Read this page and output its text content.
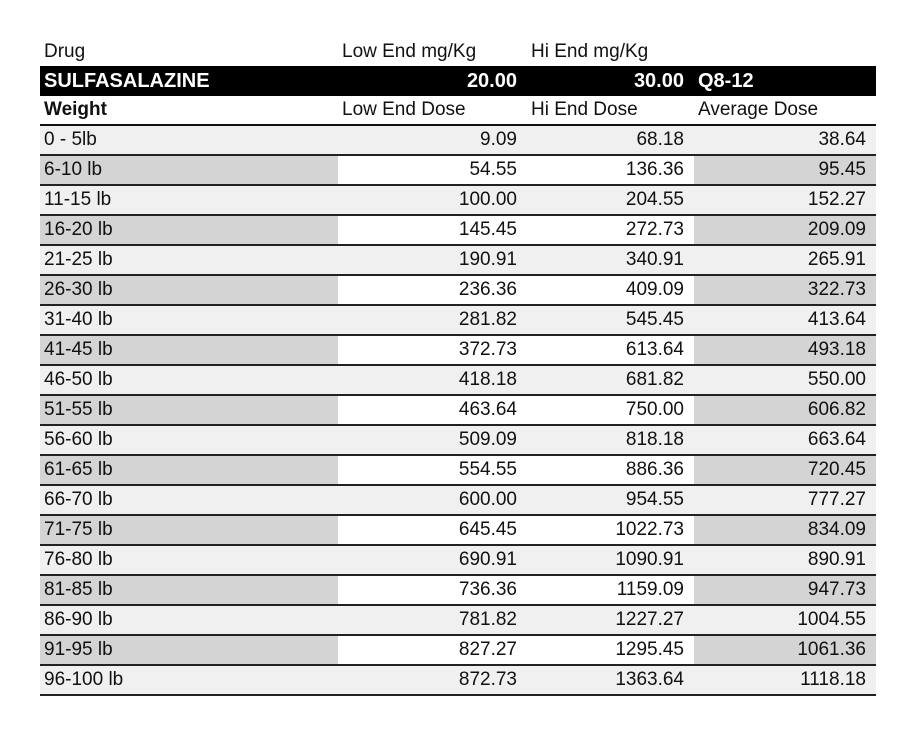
Drug	Low End mg/Kg	Hi End mg/Kg
SULFASALAZINE	20.00	30.00 Q8-12
Weight	Low End Dose	Hi End Dose	Average Dose
0 - 5lb	9.09	68.18	38.64
6-10 lb	54.55	136.36	95.45
11-15 lb	100.00	204.55	152.27
16-20 lb	145.45	272.73	209.09
21-25 lb	190.91	340.91	265.91
26-30 lb	236.36	409.09	322.73
31-40 lb	281.82	545.45	413.64
41-45 lb	372.73	613.64	493.18
46-50 lb	418.18	681.82	550.00
51-55 lb	463.64	750.00	606.82
56-60 lb	509.09	818.18	663.64
61-65 lb	554.55	886.36	720.45
66-70 lb	600.00	954.55	777.27
71-75 lb	645.45	1022.73	834.09
76-80 lb	690.91	1090.91	890.91
81-85 lb	736.36	1159.09	947.73
86-90 lb	781.82	1227.27	1004.55
91-95 lb	827.27	1295.45	1061.36
96-100 lb	872.73	1363.64	1118.18
